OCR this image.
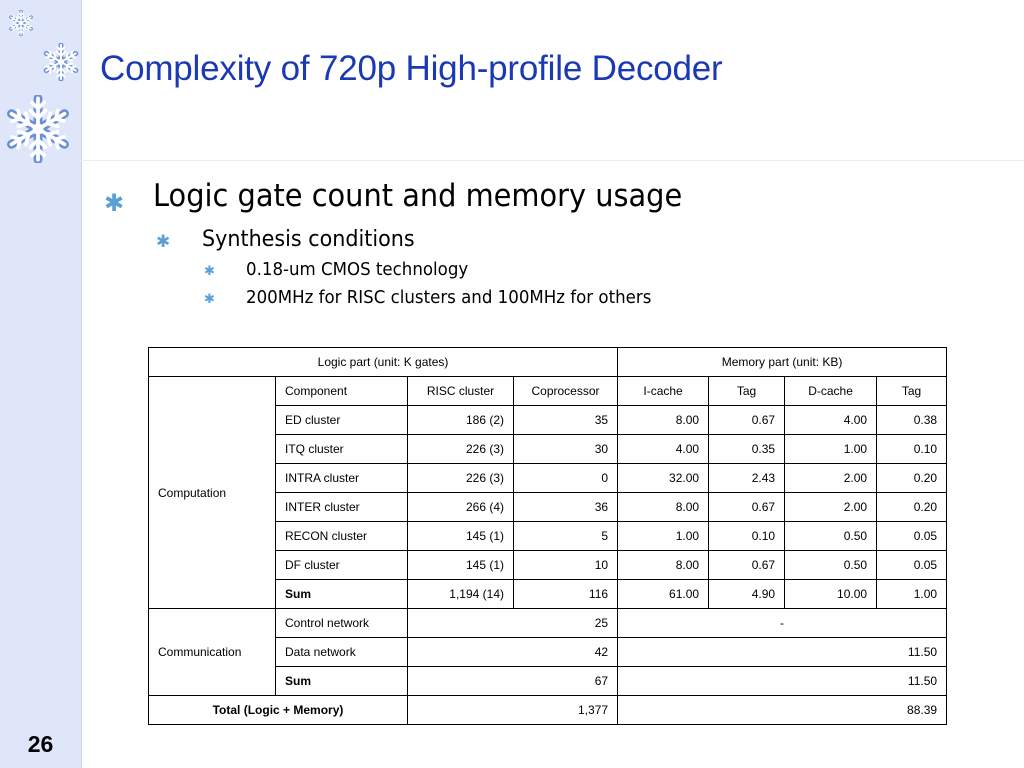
26
Complexity of 720p High-profile Decoder
✱ Logic gate count and memory usage
✱ Synthesis conditions
✱ 0.18-um CMOS technology
✱ 200MHz for RISC clusters and 100MHz for others
Logic part (unit: K gates)				Memory part (unit: KB)			
Computation	Component	RISC cluster	Coprocessor	I-cache	Tag	D-cache	Tag
	ED cluster	186 (2)	35	8.00	0.67	4.00	0.38
	ITQ cluster	226 (3)	30	4.00	0.35	1.00	0.10
	INTRA cluster	226 (3)	0	32.00	2.43	2.00	0.20
	INTER cluster	266 (4)	36	8.00	0.67	2.00	0.20
	RECON cluster	145 (1)	5	1.00	0.10	0.50	0.05
	DF cluster	145 (1)	10	8.00	0.67	0.50	0.05
	Sum	1,194 (14)	116	61.00	4.90	10.00	1.00
Communication	Control network	25		-			
	Data network	42		11.50			
	Sum	67		11.50			
Total (Logic + Memory)		1,377		88.39			
